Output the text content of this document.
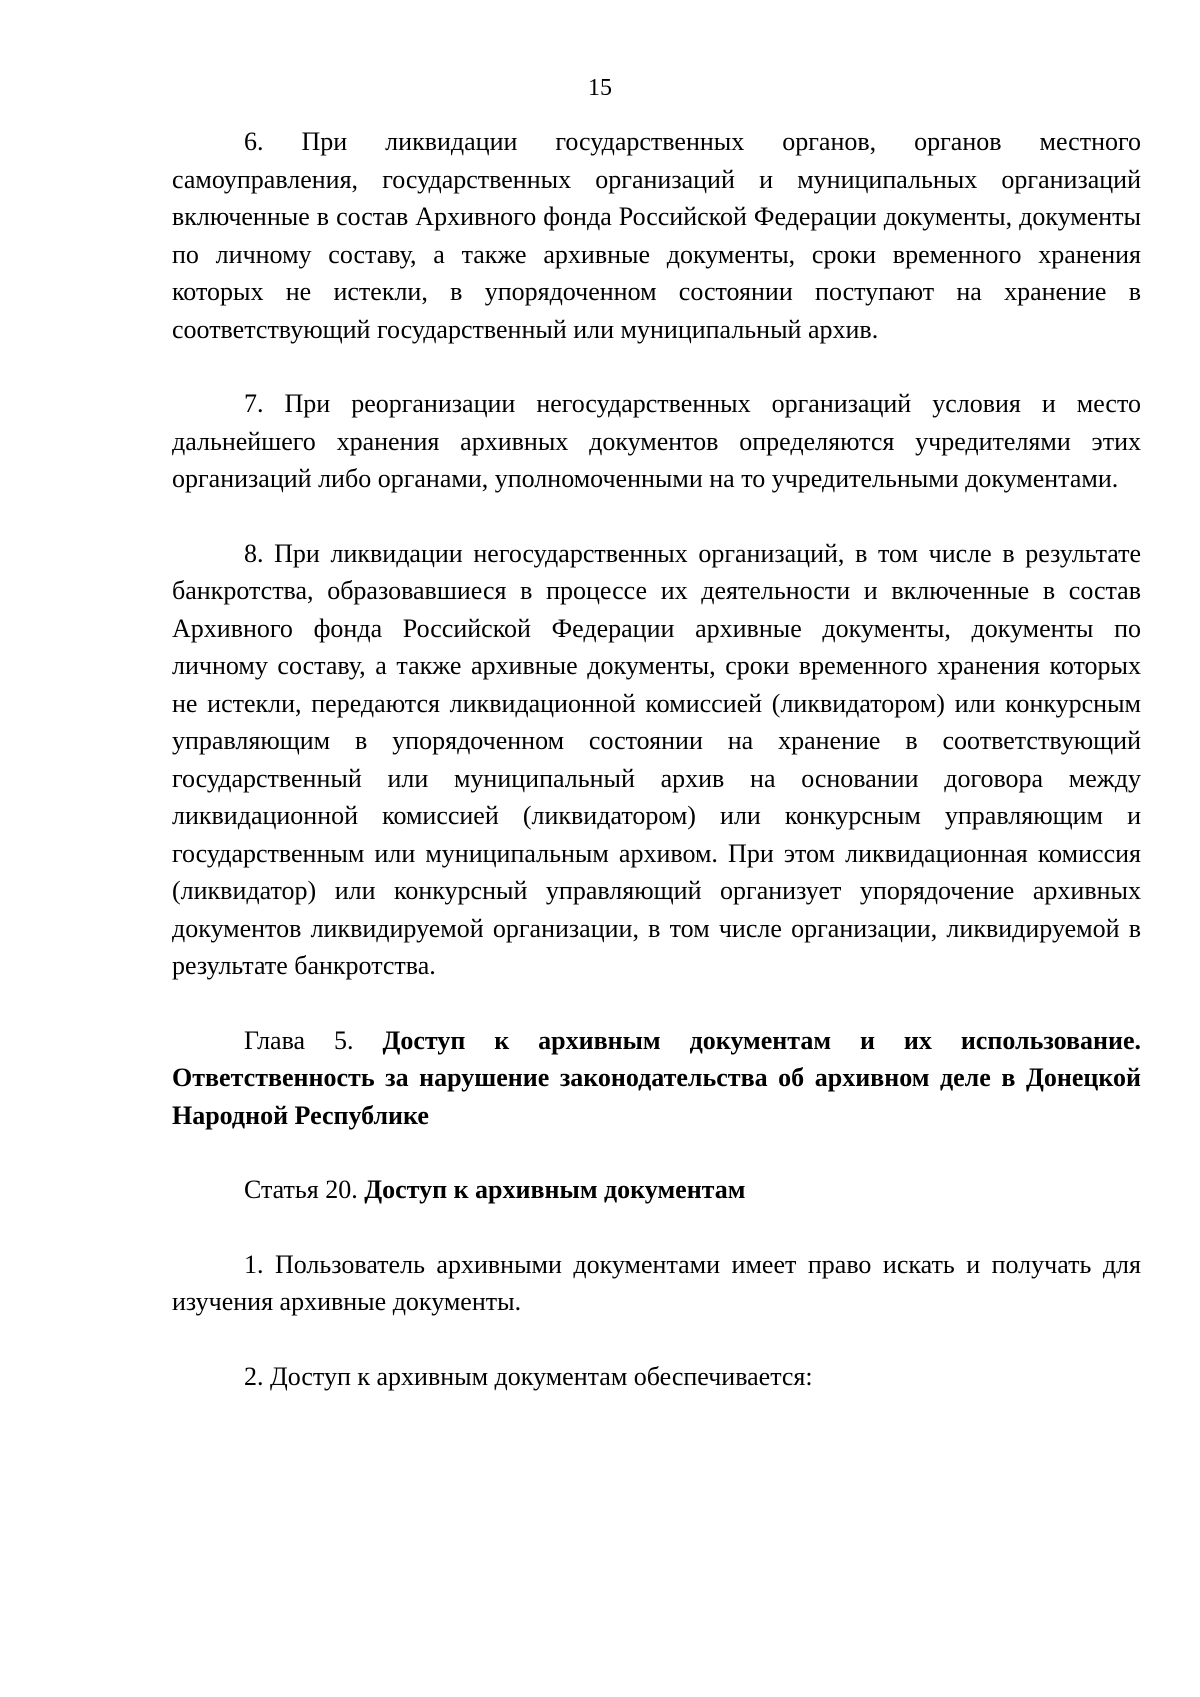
15

6. При ликвидации государственных органов, органов местного самоуправления, государственных организаций и муниципальных организаций включенные в состав Архивного фонда Российской Федерации документы, документы по личному составу, а также архивные документы, сроки временного хранения которых не истекли, в упорядоченном состоянии поступают на хранение в соответствующий государственный или муниципальный архив.

7. При реорганизации негосударственных организаций условия и место дальнейшего хранения архивных документов определяются учредителями этих организаций либо органами, уполномоченными на то учредительными документами.

8. При ликвидации негосударственных организаций, в том числе в результате банкротства, образовавшиеся в процессе их деятельности и включенные в состав Архивного фонда Российской Федерации архивные документы, документы по личному составу, а также архивные документы, сроки временного хранения которых не истекли, передаются ликвидационной комиссией (ликвидатором) или конкурсным управляющим в упорядоченном состоянии на хранение в соответствующий государственный или муниципальный архив на основании договора между ликвидационной комиссией (ликвидатором) или конкурсным управляющим и государственным или муниципальным архивом. При этом ликвидационная комиссия (ликвидатор) или конкурсный управляющий организует упорядочение архивных документов ликвидируемой организации, в том числе организации, ликвидируемой в результате банкротства.

Глава 5. Доступ к архивным документам и их использование. Ответственность за нарушение законодательства об архивном деле в Донецкой Народной Республике

Статья 20. Доступ к архивным документам

1. Пользователь архивными документами имеет право искать и получать для изучения архивные документы.

2. Доступ к архивным документам обеспечивается:
